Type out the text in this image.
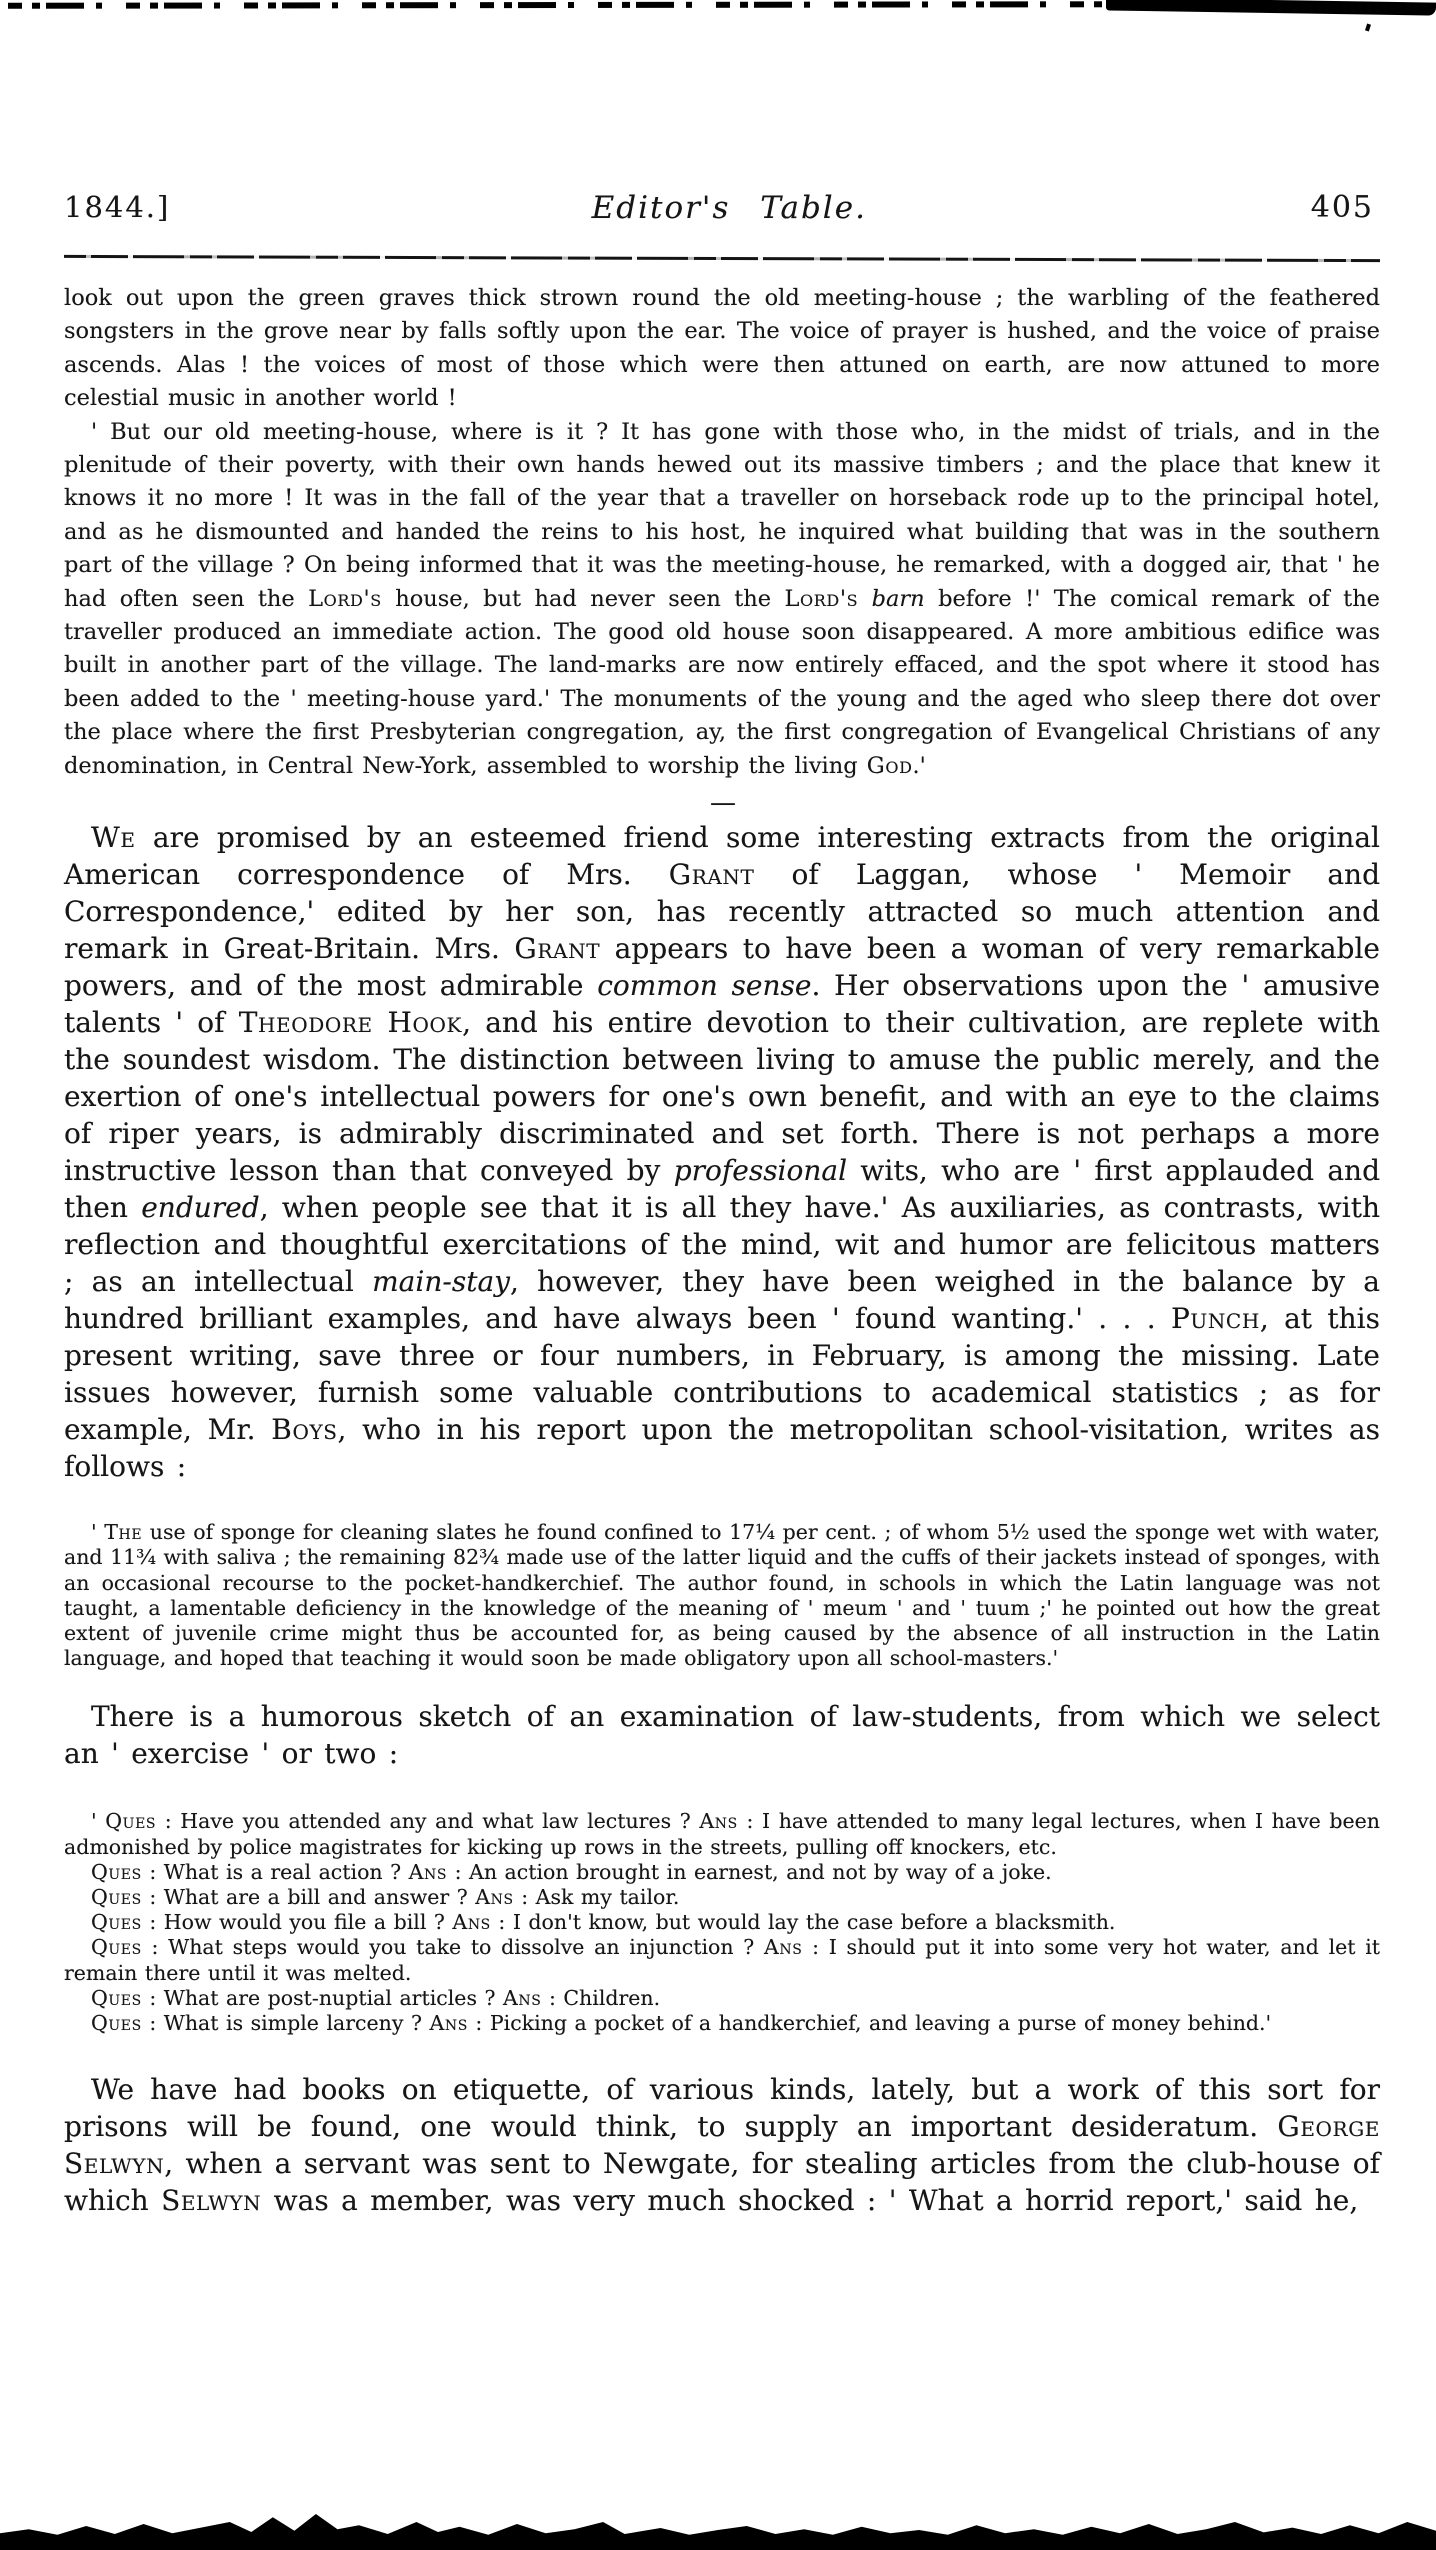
1844.]	Editor's Table.	405

look out upon the green graves thick strown round the old meeting-house ; the warbling of the feathered songsters in the grove near by falls softly upon the ear. The voice of prayer is hushed, and the voice of praise ascends. Alas ! the voices of most of those which were then attuned on earth, are now attuned to more celestial music in another world !

' But our old meeting-house, where is it ? It has gone with those who, in the midst of trials, and in the plenitude of their poverty, with their own hands hewed out its massive timbers ; and the place that knew it knows it no more ! It was in the fall of the year that a traveller on horseback rode up to the principal hotel, and as he dismounted and handed the reins to his host, he inquired what building that was in the southern part of the village ? On being informed that it was the meeting-house, he remarked, with a dogged air, that ' he had often seen the Lord's house, but had never seen the Lord's barn before !' The comical remark of the traveller produced an immediate action. The good old house soon disappeared. A more ambitious edifice was built in another part of the village. The land-marks are now entirely effaced, and the spot where it stood has been added to the ' meeting-house yard.' The monuments of the young and the aged who sleep there dot over the place where the first Presbyterian congregation, ay, the first congregation of Evangelical Christians of any denomination, in Central New-York, assembled to worship the living God.'

—

We are promised by an esteemed friend some interesting extracts from the original American correspondence of Mrs. Grant of Laggan, whose ' Memoir and Correspondence,' edited by her son, has recently attracted so much attention and remark in Great-Britain. Mrs. Grant appears to have been a woman of very remarkable powers, and of the most admirable common sense. Her observations upon the ' amusive talents ' of Theodore Hook, and his entire devotion to their cultivation, are replete with the soundest wisdom. The distinction between living to amuse the public merely, and the exertion of one's intellectual powers for one's own benefit, and with an eye to the claims of riper years, is admirably discriminated and set forth. There is not perhaps a more instructive lesson than that conveyed by professional wits, who are ' first applauded and then endured, when people see that it is all they have.' As auxiliaries, as contrasts, with reflection and thoughtful exercitations of the mind, wit and humor are felicitous matters ; as an intellectual main-stay, however, they have been weighed in the balance by a hundred brilliant examples, and have always been ' found wanting.' . . . Punch, at this present writing, save three or four numbers, in February, is among the missing. Late issues however, furnish some valuable contributions to academical statistics ; as for example, Mr. Boys, who in his report upon the metropolitan school-visitation, writes as follows :

' The use of sponge for cleaning slates he found confined to 17¼ per cent. ; of whom 5½ used the sponge wet with water, and 11¾ with saliva ; the remaining 82¾ made use of the latter liquid and the cuffs of their jackets instead of sponges, with an occasional recourse to the pocket-handkerchief. The author found, in schools in which the Latin language was not taught, a lamentable deficiency in the knowledge of the meaning of ' meum ' and ' tuum ;' he pointed out how the great extent of juvenile crime might thus be accounted for, as being caused by the absence of all instruction in the Latin language, and hoped that teaching it would soon be made obligatory upon all school-masters.'

There is a humorous sketch of an examination of law-students, from which we select an ' exercise ' or two :

' Ques : Have you attended any and what law lectures ? Ans : I have attended to many legal lectures, when I have been admonished by police magistrates for kicking up rows in the streets, pulling off knockers, etc.

Ques : What is a real action ? Ans : An action brought in earnest, and not by way of a joke.

Ques : What are a bill and answer ? Ans : Ask my tailor.

Ques : How would you file a bill ? Ans : I don't know, but would lay the case before a blacksmith.

Ques : What steps would you take to dissolve an injunction ? Ans : I should put it into some very hot water, and let it remain there until it was melted.

Ques : What are post-nuptial articles ? Ans : Children.

Ques : What is simple larceny ? Ans : Picking a pocket of a handkerchief, and leaving a purse of money behind.'

We have had books on etiquette, of various kinds, lately, but a work of this sort for prisons will be found, one would think, to supply an important desideratum. George Selwyn, when a servant was sent to Newgate, for stealing articles from the club-house of which Selwyn was a member, was very much shocked : ' What a horrid report,' said he,
